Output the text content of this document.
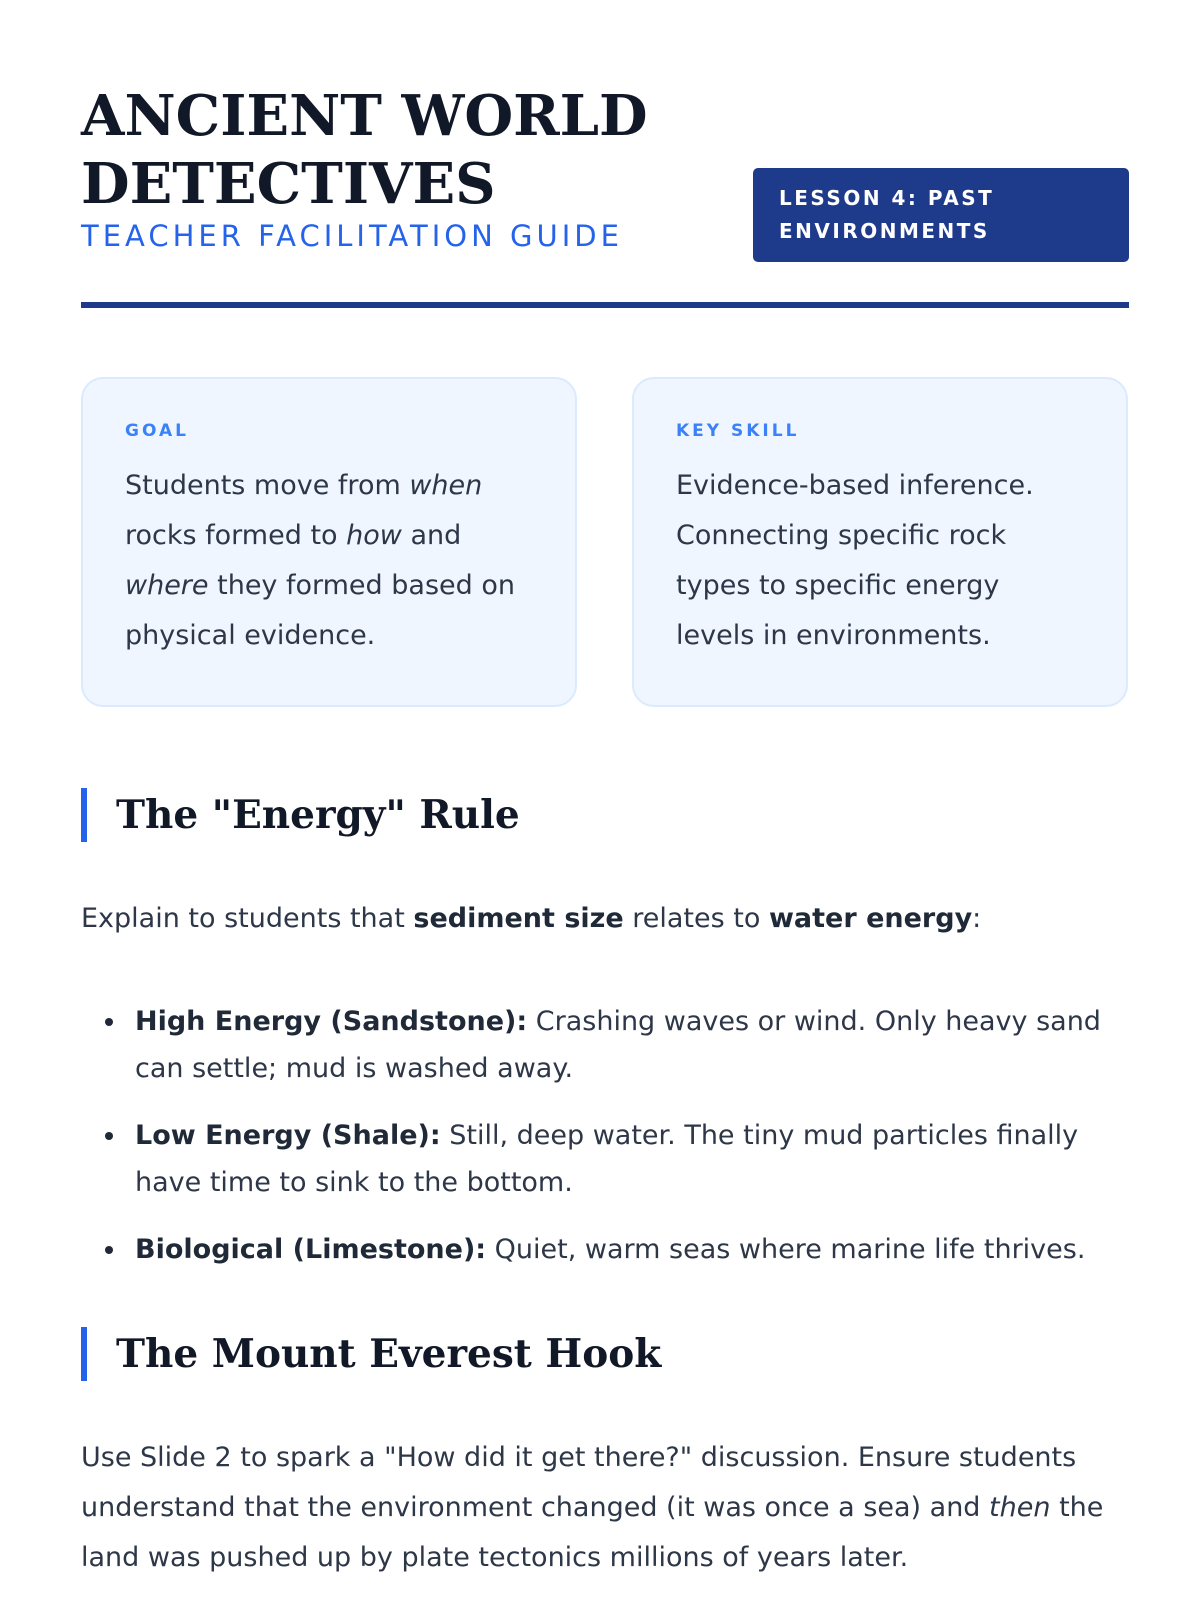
ANCIENT WORLD
DETECTIVES
TEACHER FACILITATION GUIDE
LESSON 4: PAST
ENVIRONMENTS
GOAL

Students move from when rocks formed to how and where they formed based on physical evidence.

KEY SKILL

Evidence-based inference. Connecting specific rock types to specific energy levels in environments.

The "Energy" Rule

Explain to students that sediment size relates to water energy:

High Energy (Sandstone): Crashing waves or wind. Only heavy sand can settle; mud is washed away.
Low Energy (Shale): Still, deep water. The tiny mud particles finally have time to sink to the bottom.
Biological (Limestone): Quiet, warm seas where marine life thrives.
The Mount Everest Hook

Use Slide 2 to spark a "How did it get there?" discussion. Ensure students understand that the environment changed (it was once a sea) and then the land was pushed up by plate tectonics millions of years later.
